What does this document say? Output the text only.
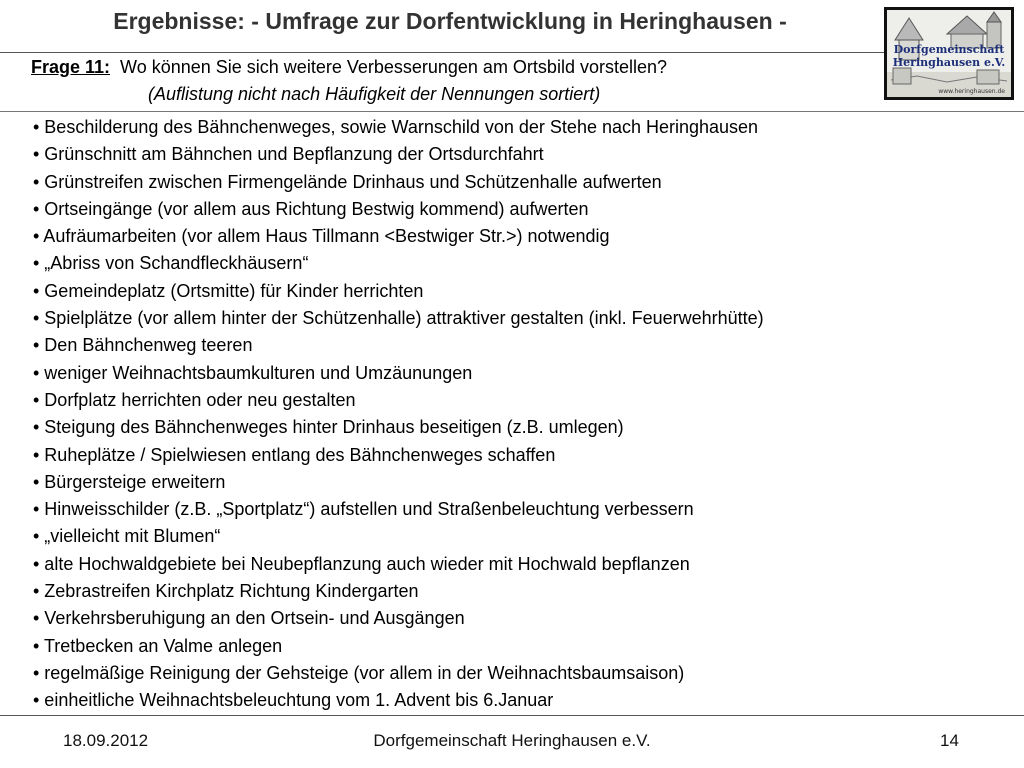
Ergebnisse: - Umfrage zur Dorfentwicklung in Heringhausen -
Dorfgemeinschaft
Heringhausen e.V.
www.heringhausen.de
Frage 11: Wo können Sie sich weitere Verbesserungen am Ortsbild vorstellen?
(Auflistung nicht nach Häufigkeit der Nennungen sortiert)
• Beschilderung des Bähnchenweges, sowie Warnschild von der Stehe nach Heringhausen
• Grünschnitt am Bähnchen und Bepflanzung der Ortsdurchfahrt
• Grünstreifen zwischen Firmengelände Drinhaus und Schützenhalle aufwerten
• Ortseingänge (vor allem aus Richtung Bestwig kommend) aufwerten
• Aufräumarbeiten (vor allem Haus Tillmann <Bestwiger Str.>) notwendig
• „Abriss von Schandfleckhäusern“
• Gemeindeplatz (Ortsmitte) für Kinder herrichten
• Spielplätze (vor allem hinter der Schützenhalle) attraktiver gestalten (inkl. Feuerwehrhütte)
• Den Bähnchenweg teeren
• weniger Weihnachtsbaumkulturen und Umzäunungen
• Dorfplatz herrichten oder neu gestalten
• Steigung des Bähnchenweges hinter Drinhaus beseitigen (z.B. umlegen)
• Ruheplätze / Spielwiesen entlang des Bähnchenweges schaffen
• Bürgersteige erweitern
• Hinweisschilder (z.B. „Sportplatz“) aufstellen und Straßenbeleuchtung verbessern
• „vielleicht mit Blumen“
• alte Hochwaldgebiete bei Neubepflanzung auch wieder mit Hochwald bepflanzen
• Zebrastreifen Kirchplatz Richtung Kindergarten
• Verkehrsberuhigung an den Ortsein- und Ausgängen
• Tretbecken an Valme anlegen
• regelmäßige Reinigung der Gehsteige (vor allem in der Weihnachtsbaumsaison)
• einheitliche Weihnachtsbeleuchtung vom 1. Advent bis 6.Januar
18.09.2012	Dorfgemeinschaft Heringhausen e.V.	14
